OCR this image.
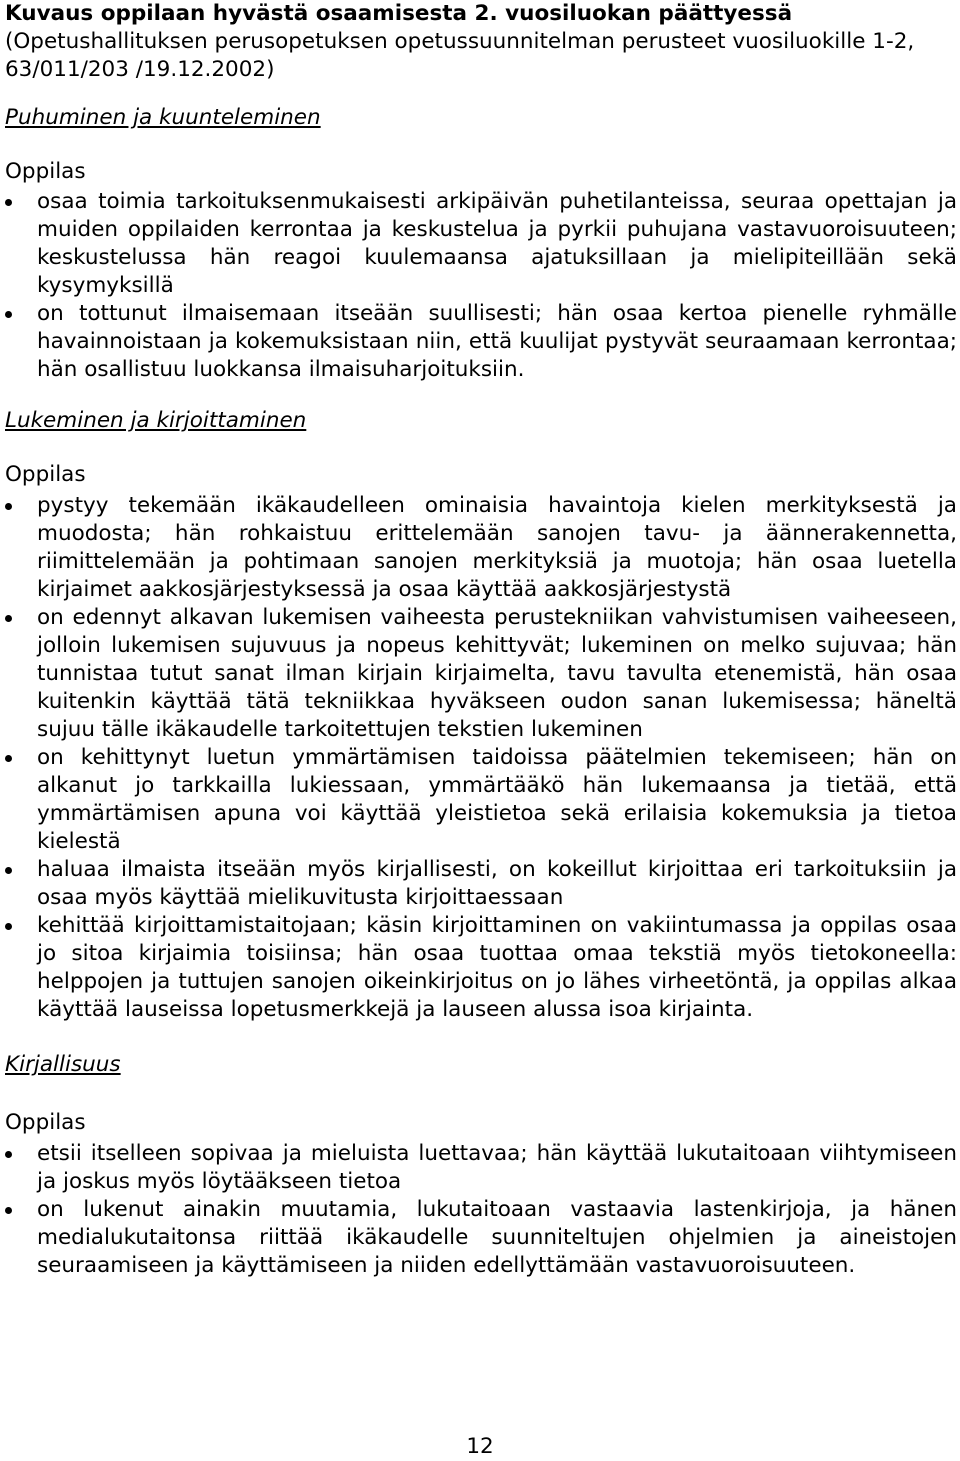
Kuvaus oppilaan hyvästä osaamisesta 2. vuosiluokan päättyessä
(Opetushallituksen perusopetuksen opetussuunnitelman perusteet vuosiluokille 1-2, 63/011/203 /19.12.2002)
Puhuminen ja kuunteleminen
Oppilas
osaa toimia tarkoituksenmukaisesti arkipäivän puhetilanteissa, seuraa opettajan ja muiden oppilaiden kerrontaa ja keskustelua ja pyrkii puhujana vastavuoroisuuteen; keskustelussa hän reagoi kuulemaansa ajatuksillaan ja mielipiteillään sekä kysymyksillä
on tottunut ilmaisemaan itseään suullisesti; hän osaa kertoa pienelle ryhmälle havainnoistaan ja kokemuksistaan niin, että kuulijat pystyvät seuraamaan kerrontaa; hän osallistuu luokkansa ilmaisuharjoituksiin.
Lukeminen ja kirjoittaminen
Oppilas
pystyy tekemään ikäkaudelleen ominaisia havaintoja kielen merkityksestä ja muodosta; hän rohkaistuu erittelemään sanojen tavu- ja äännerakennetta, riimittelemään ja pohtimaan sanojen merkityksiä ja muotoja; hän osaa luetella kirjaimet aakkosjärjestyksessä ja osaa käyttää aakkosjärjestystä
on edennyt alkavan lukemisen vaiheesta perustekniikan vahvistumisen vaiheeseen, jolloin lukemisen sujuvuus ja nopeus kehittyvät; lukeminen on melko sujuvaa; hän tunnistaa tutut sanat ilman kirjain kirjaimelta, tavu tavulta etenemistä, hän osaa kuitenkin käyttää tätä tekniikkaa hyväkseen oudon sanan lukemisessa; häneltä sujuu tälle ikäkaudelle tarkoitettujen tekstien lukeminen
on kehittynyt luetun ymmärtämisen taidoissa päätelmien tekemiseen; hän on alkanut jo tarkkailla lukiessaan, ymmärtääkö hän lukemaansa ja tietää, että ymmärtämisen apuna voi käyttää yleistietoa sekä erilaisia kokemuksia ja tietoa kielestä
haluaa ilmaista itseään myös kirjallisesti, on kokeillut kirjoittaa eri tarkoituksiin ja osaa myös käyttää mielikuvitusta kirjoittaessaan
kehittää kirjoittamistaitojaan; käsin kirjoittaminen on vakiintumassa ja oppilas osaa jo sitoa kirjaimia toisiinsa; hän osaa tuottaa omaa tekstiä myös tietokoneella: helppojen ja tuttujen sanojen oikeinkirjoitus on jo lähes virheetöntä, ja oppilas alkaa käyttää lauseissa lopetusmerkkejä ja lauseen alussa isoa kirjainta.
Kirjallisuus
Oppilas
etsii itselleen sopivaa ja mieluista luettavaa; hän käyttää lukutaitoaan viihtymiseen ja joskus myös löytääkseen tietoa
on lukenut ainakin muutamia, lukutaitoaan vastaavia lastenkirjoja, ja hänen medialukutaitonsa riittää ikäkaudelle suunniteltujen ohjelmien ja aineistojen seuraamiseen ja käyttämiseen ja niiden edellyttämään vastavuoroisuuteen.
12
